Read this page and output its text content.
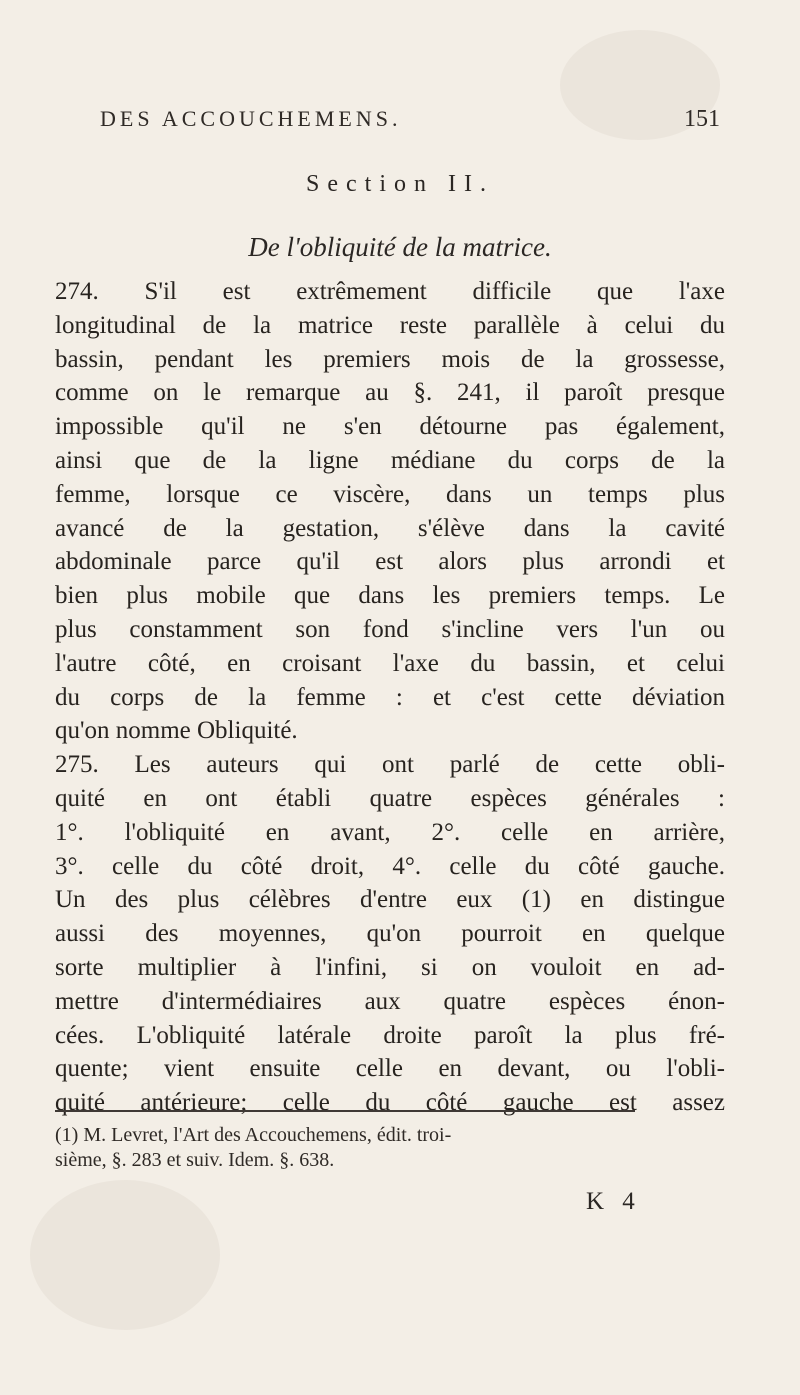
DES ACCOUCHEMENS.	151
Section II.
De l'obliquité de la matrice.
274. S'il est extrêmement difficile que l'axe
longitudinal de la matrice reste parallèle à celui du
bassin, pendant les premiers mois de la grossesse,
comme on le remarque au §. 241, il paroît presque
impossible qu'il ne s'en détourne pas également,
ainsi que de la ligne médiane du corps de la
femme, lorsque ce viscère, dans un temps plus
avancé de la gestation, s'élève dans la cavité
abdominale parce qu'il est alors plus arrondi et
bien plus mobile que dans les premiers temps. Le
plus constamment son fond s'incline vers l'un ou
l'autre côté, en croisant l'axe du bassin, et celui
du corps de la femme : et c'est cette déviation
qu'on nomme Obliquité.
275. Les auteurs qui ont parlé de cette obli-
quité en ont établi quatre espèces générales :
1°. l'obliquité en avant, 2°. celle en arrière,
3°. celle du côté droit, 4°. celle du côté gauche.
Un des plus célèbres d'entre eux (1) en distingue
aussi des moyennes, qu'on pourroit en quelque
sorte multiplier à l'infini, si on vouloit en ad-
mettre d'intermédiaires aux quatre espèces énon-
cées. L'obliquité latérale droite paroît la plus fré-
quente; vient ensuite celle en devant, ou l'obli-
quité antérieure; celle du côté gauche est assez
(1) M. Levret, l'Art des Accouchemens, édit. troi-
sième, §. 283 et suiv. Idem. §. 638.
K 4
